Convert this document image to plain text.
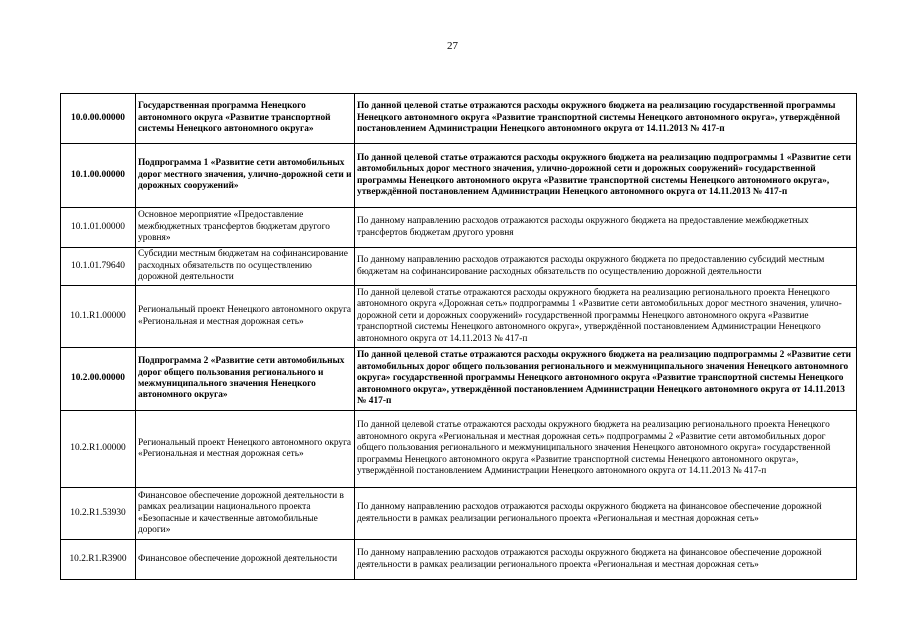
27
10.0.00.00000	Государственная программа Ненецкого автономного округа «Развитие транспортной системы Ненецкого автономного округа»	По данной целевой статье отражаются расходы окружного бюджета на реализацию государственной программы Ненецкого автономного округа «Развитие транспортной системы Ненецкого автономного округа», утверждённой постановлением Администрации Ненецкого автономного округа от 14.11.2013 № 417-п
10.1.00.00000	Подпрограмма 1 «Развитие сети автомобильных дорог местного значения, улично-дорожной сети и дорожных сооружений»	По данной целевой статье отражаются расходы окружного бюджета на реализацию подпрограммы 1 «Развитие сети автомобильных дорог местного значения, улично-дорожной сети и дорожных сооружений» государственной программы Ненецкого автономного округа «Развитие транспортной системы Ненецкого автономного округа», утверждённой постановлением Администрации Ненецкого автономного округа от 14.11.2013 № 417-п
10.1.01.00000	Основное мероприятие «Предоставление межбюджетных трансфертов бюджетам другого уровня»	По данному направлению расходов отражаются расходы окружного бюджета на предоставление межбюджетных трансфертов бюджетам другого уровня
10.1.01.79640	Субсидии местным бюджетам на софинансирование расходных обязательств по осуществлению дорожной деятельности	По данному направлению расходов отражаются расходы окружного бюджета по предоставлению субсидий местным бюджетам на софинансирование расходных обязательств по осуществлению дорожной деятельности
10.1.R1.00000	Региональный проект Ненецкого автономного округа «Региональная и местная дорожная сеть»	По данной целевой статье отражаются расходы окружного бюджета на реализацию регионального проекта Ненецкого автономного округа «Дорожная сеть» подпрограммы 1 «Развитие сети автомобильных дорог местного значения, улично-дорожной сети и дорожных сооружений» государственной программы Ненецкого автономного округа «Развитие транспортной системы Ненецкого автономного округа», утверждённой постановлением Администрации Ненецкого автономного округа от 14.11.2013 № 417-п
10.2.00.00000	Подпрограмма 2 «Развитие сети автомобильных дорог общего пользования регионального и межмуниципального значения Ненецкого автономного округа»	По данной целевой статье отражаются расходы окружного бюджета на реализацию подпрограммы 2 «Развитие сети автомобильных дорог общего пользования регионального и межмуниципального значения Ненецкого автономного округа» государственной программы Ненецкого автономного округа «Развитие транспортной системы Ненецкого автономного округа», утверждённой постановлением Администрации Ненецкого автономного округа от 14.11.2013 № 417-п
10.2.R1.00000	Региональный проект Ненецкого автономного округа «Региональная и местная дорожная сеть»	По данной целевой статье отражаются расходы окружного бюджета на реализацию регионального проекта Ненецкого автономного округа «Региональная и местная дорожная сеть» подпрограммы 2 «Развитие сети автомобильных дорог общего пользования регионального и межмуниципального значения Ненецкого автономного округа» государственной программы Ненецкого автономного округа «Развитие транспортной системы Ненецкого автономного округа», утверждённой постановлением Администрации Ненецкого автономного округа от 14.11.2013 № 417-п
10.2.R1.53930	Финансовое обеспечение дорожной деятельности в рамках реализации национального проекта «Безопасные и качественные автомобильные дороги»	По данному направлению расходов отражаются расходы окружного бюджета на финансовое обеспечение дорожной деятельности в рамках реализации регионального проекта «Региональная и местная дорожная сеть»
10.2.R1.R3900	Финансовое обеспечение дорожной деятельности	По данному направлению расходов отражаются расходы окружного бюджета на финансовое обеспечение дорожной деятельности в рамках реализации регионального проекта «Региональная и местная дорожная сеть»
